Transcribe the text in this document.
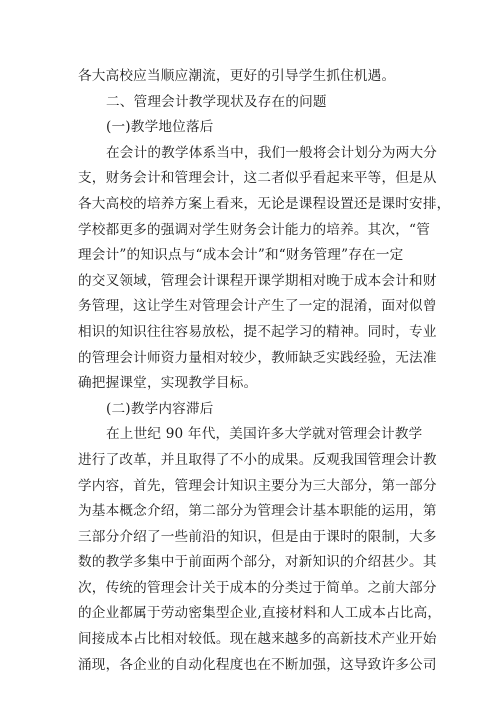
各大高校应当顺应潮流，更好的引导学生抓住机遇。
二、管理会计教学现状及存在的问题
(一)教学地位落后
在会计的教学体系当中，我们一般将会计划分为两大分
支，财务会计和管理会计，这二者似乎看起来平等，但是从
各大高校的培养方案上看来，无论是课程设置还是课时安排，
学校都更多的强调对学生财务会计能力的培养。其次，“管
理会计”的知识点与“成本会计”和“财务管理”存在一定
的交叉领域，管理会计课程开课学期相对晚于成本会计和财
务管理，这让学生对管理会计产生了一定的混淆，面对似曾
相识的知识往往容易放松，提不起学习的精神。同时，专业
的管理会计师资力量相对较少，教师缺乏实践经验，无法准
确把握课堂，实现教学目标。
(二)教学内容滞后
在上世纪 90 年代，美国许多大学就对管理会计教学
进行了改革，并且取得了不小的成果。反观我国管理会计教
学内容，首先，管理会计知识主要分为三大部分，第一部分
为基本概念介绍，第二部分为管理会计基本职能的运用，第
三部分介绍了一些前沿的知识，但是由于课时的限制，大多
数的教学多集中于前面两个部分，对新知识的介绍甚少。其
次，传统的管理会计关于成本的分类过于简单。之前大部分
的企业都属于劳动密集型企业,直接材料和人工成本占比高，
间接成本占比相对较低。现在越来越多的高新技术产业开始
涌现，各企业的自动化程度也在不断加强，这导致许多公司
